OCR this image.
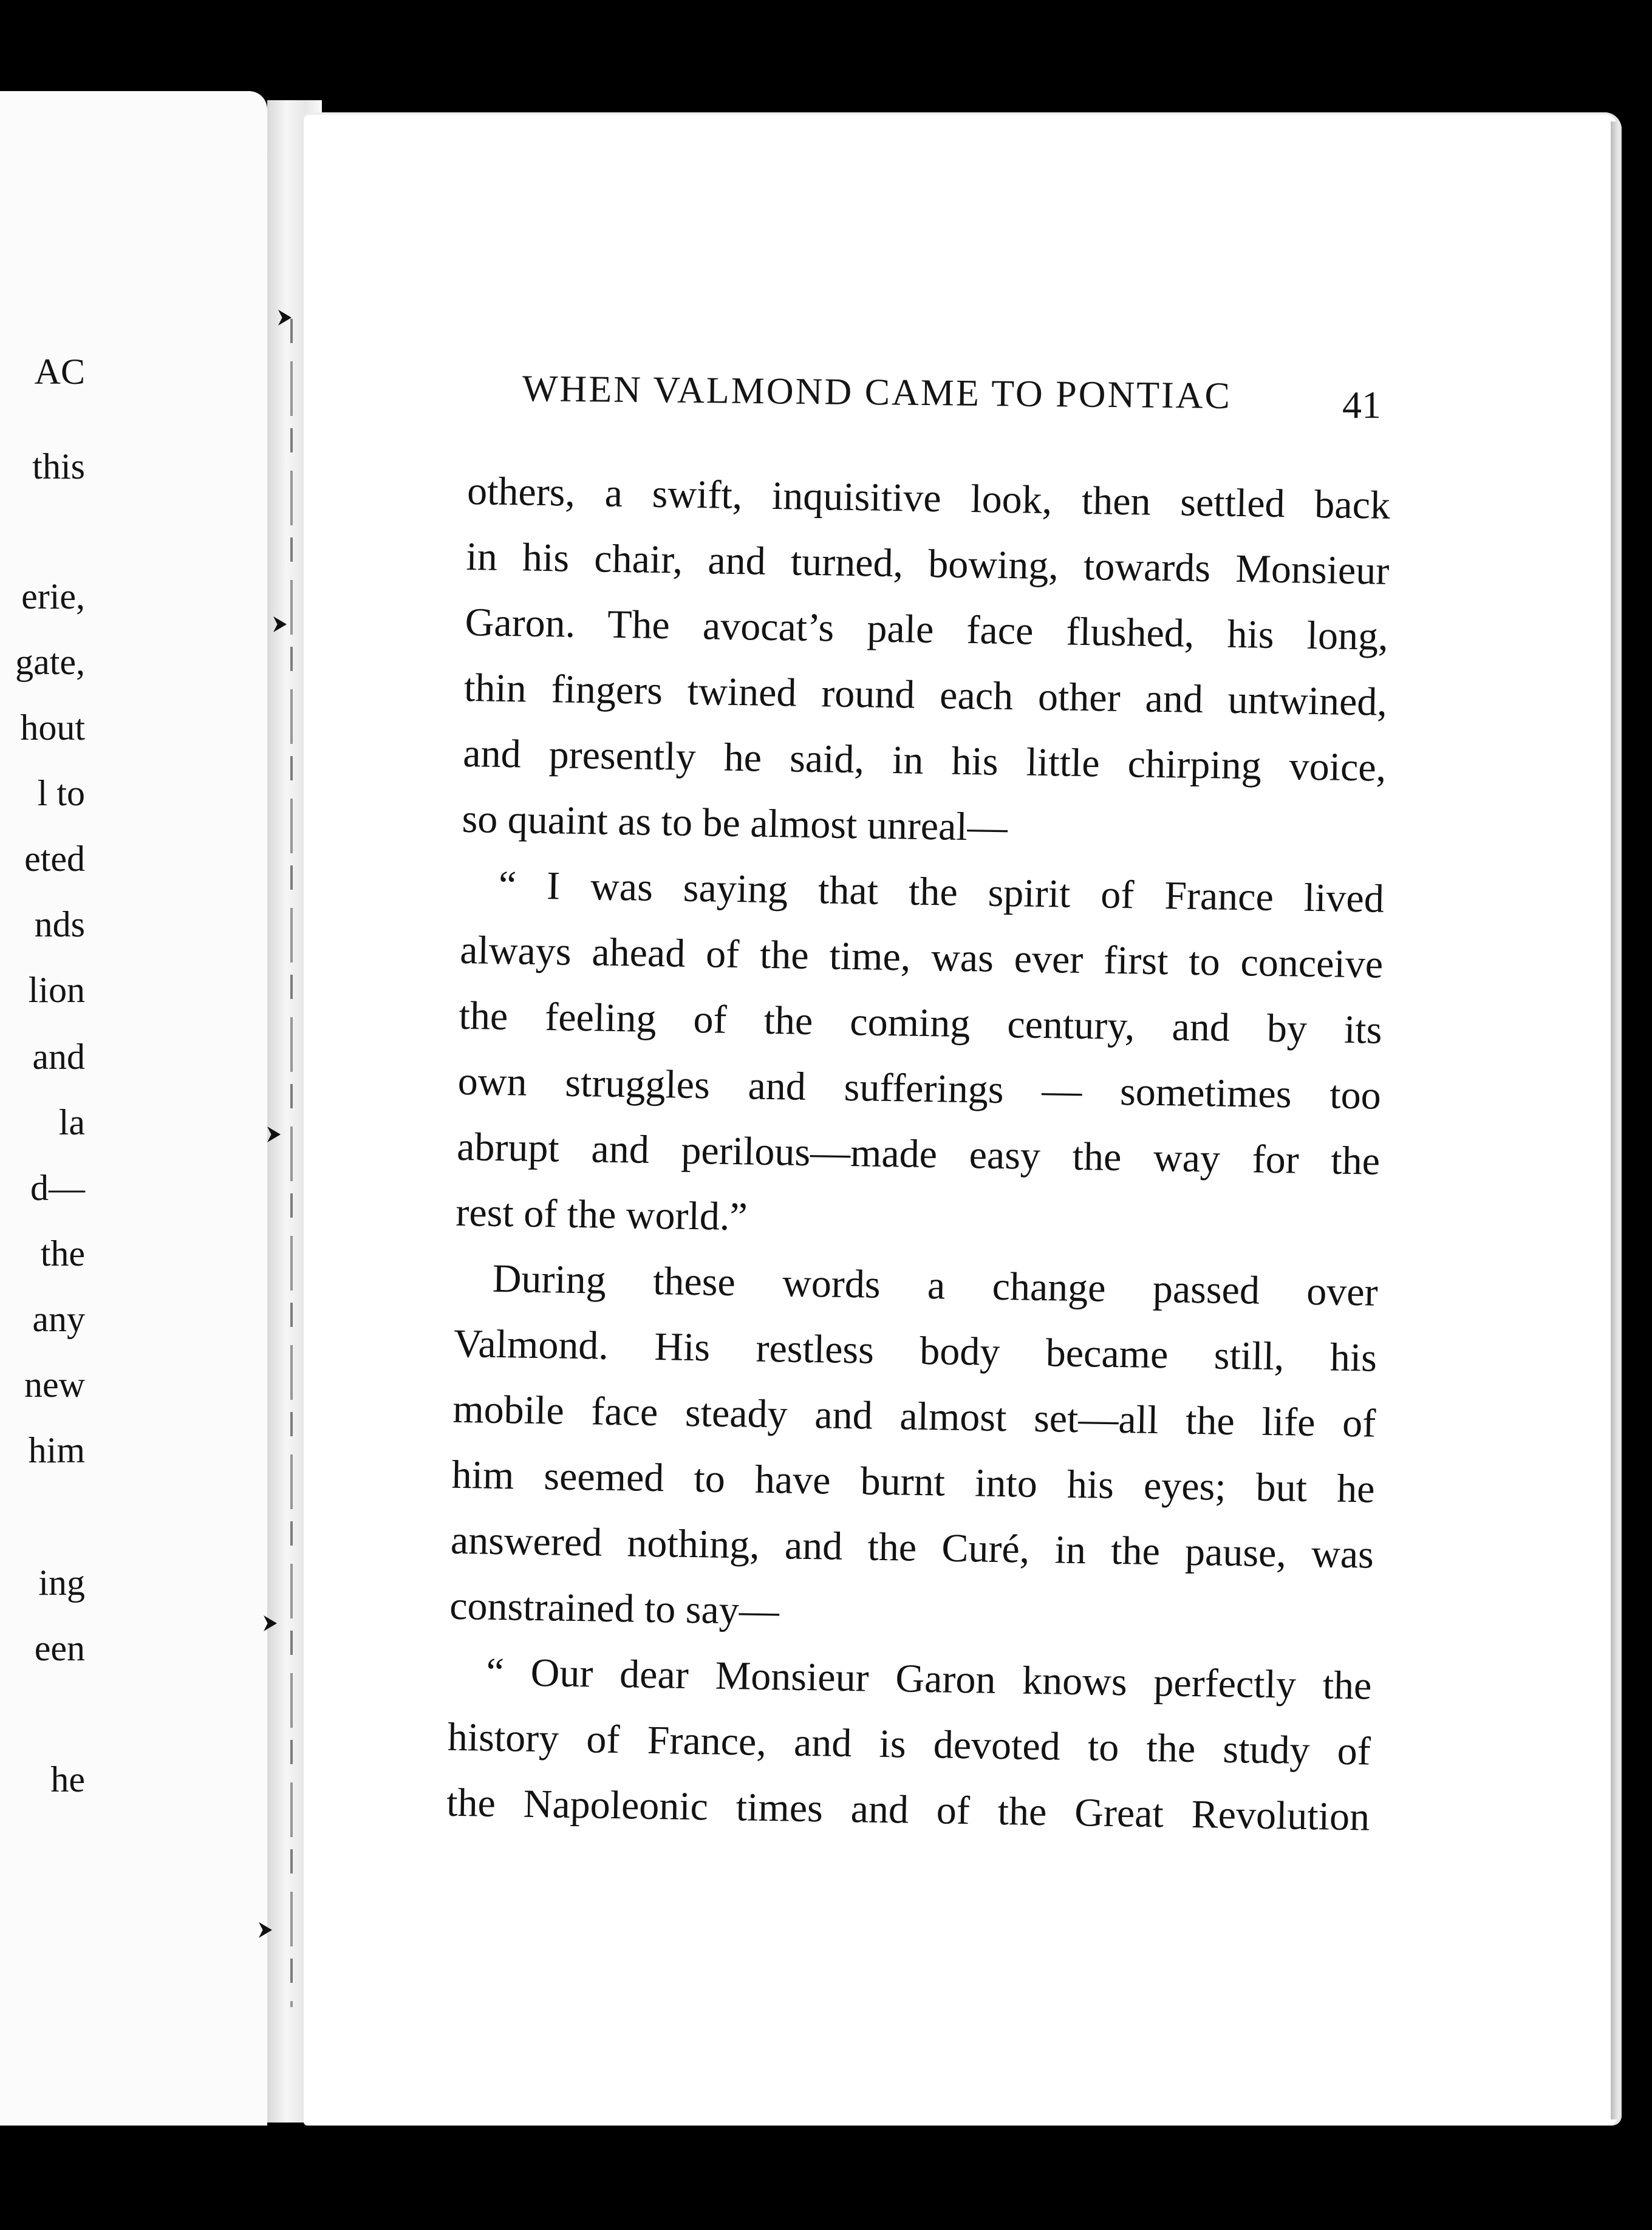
AC
this
erie,
gate,
hout
l to
eted
nds
lion
and
la
d—
the
any
new
him
ing
een
he
WHEN VALMOND CAME TO PONTIAC	41
others, a swift, inquisitive look, then settled back
in his chair, and turned, bowing, towards Monsieur
Garon. The avocat’s pale face flushed, his long,
thin fingers twined round each other and untwined,
and presently he said, in his little chirping voice,
so quaint as to be almost unreal—
“ I was saying that the spirit of France lived
always ahead of the time, was ever first to conceive
the feeling of the coming century, and by its
own struggles and sufferings — sometimes too
abrupt and perilous—made easy the way for the
rest of the world.”
During these words a change passed over
Valmond. His restless body became still, his
mobile face steady and almost set—all the life of
him seemed to have burnt into his eyes; but he
answered nothing, and the Curé, in the pause, was
constrained to say—
“ Our dear Monsieur Garon knows perfectly the
history of France, and is devoted to the study of
the Napoleonic times and of the Great Revolution
